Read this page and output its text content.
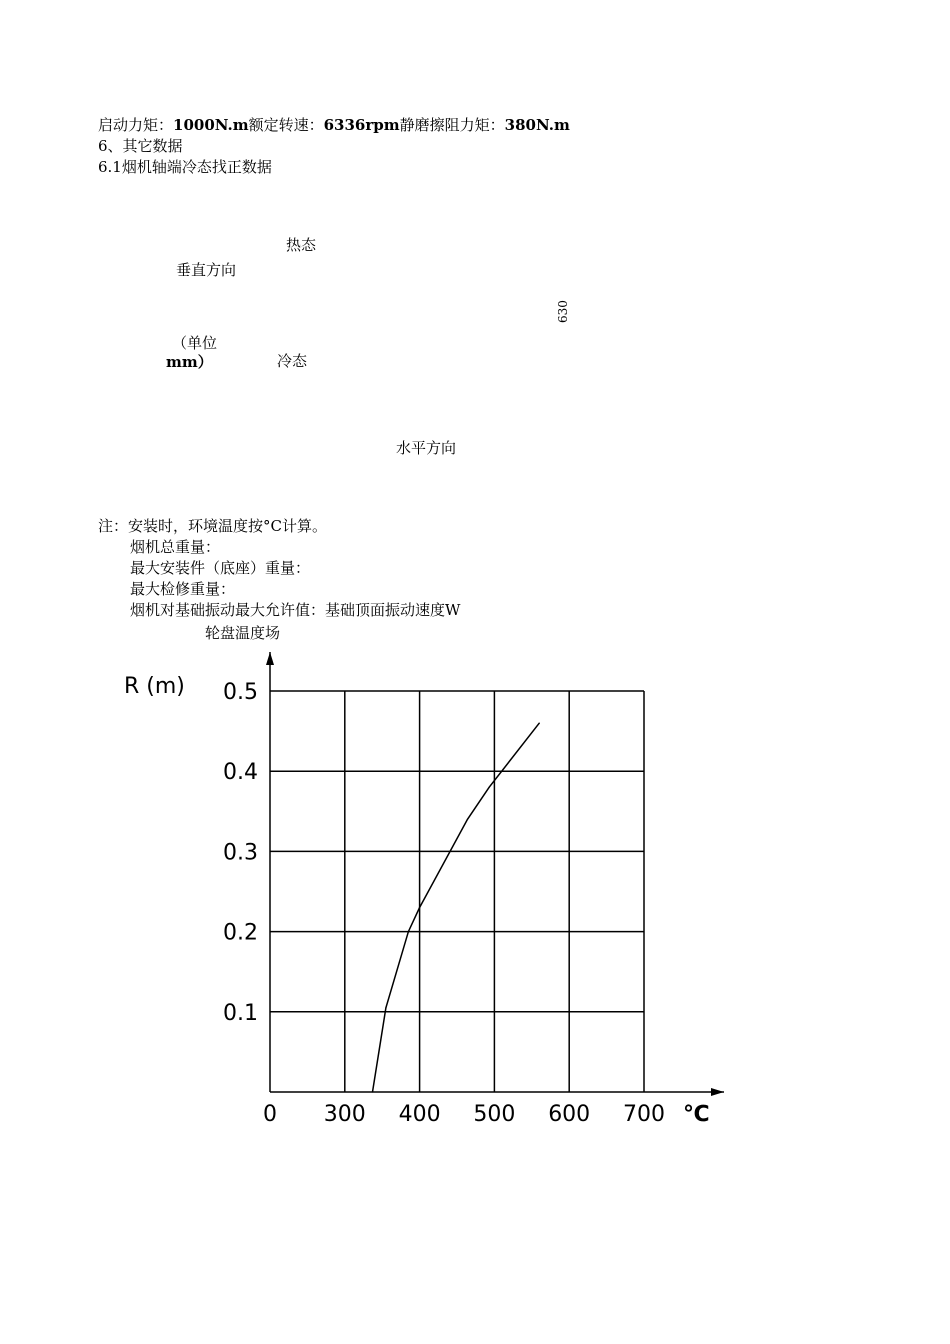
启动力矩：1000N.m额定转速：6336rpm静磨擦阻力矩：380N.m
6、其它数据
6.1烟机轴端冷态找正数据
热态
垂直方向
630
（单位
mm）	冷态
水平方向
注：安装时，环境温度按°C计算。
烟机总重量：
最大安装件（底座）重量：
最大检修重量：
烟机对基础振动最大允许值：基础顶面振动速度W
轮盘温度场
0.1
0.2
0.3
0.4
0.5
0 300 400 500 600 700
R (m)
℃
